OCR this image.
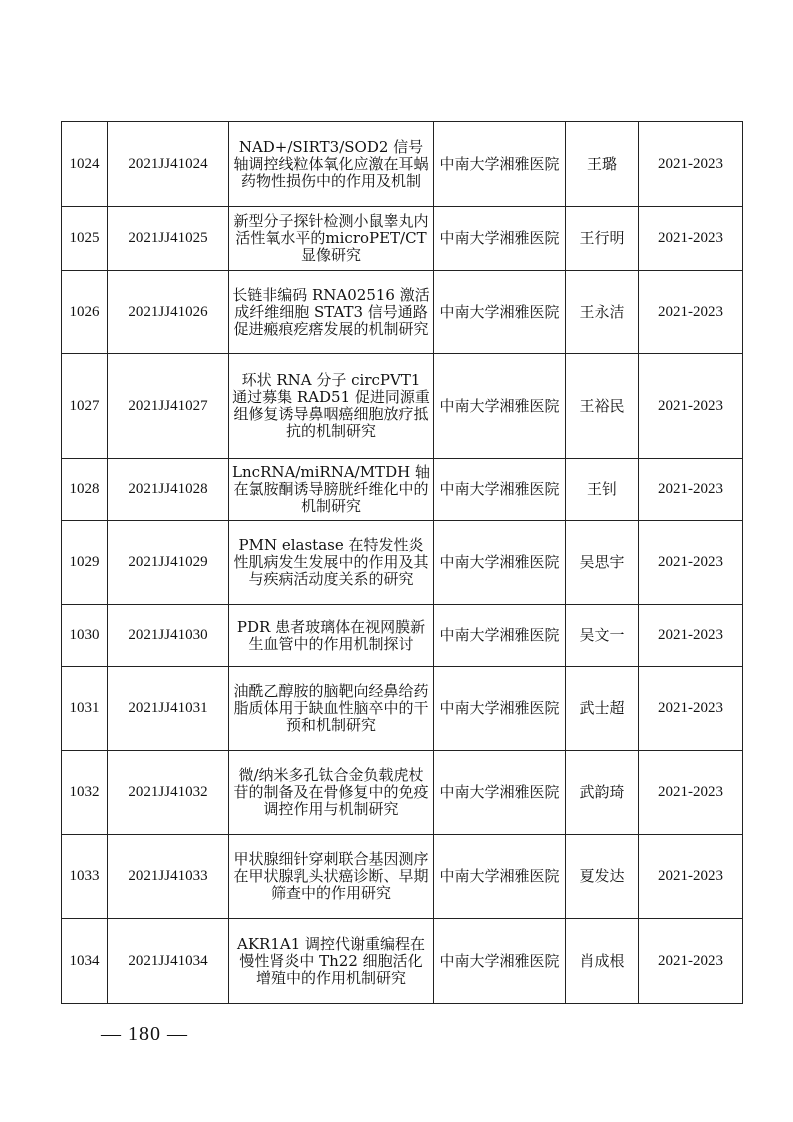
1024	2021JJ41024	NAD+/SIRT3/SOD2 信号轴调控线粒体氧化应激在耳蜗药物性损伤中的作用及机制	中南大学湘雅医院	王璐	2021-2023
1025	2021JJ41025	新型分子探针检测小鼠睾丸内活性氧水平的microPET/CT 显像研究	中南大学湘雅医院	王行明	2021-2023
1026	2021JJ41026	长链非编码 RNA02516 激活成纤维细胞 STAT3 信号通路促进瘢痕疙瘩发展的机制研究	中南大学湘雅医院	王永洁	2021-2023
1027	2021JJ41027	环状 RNA 分子 circPVT1 通过募集 RAD51 促进同源重组修复诱导鼻咽癌细胞放疗抵抗的机制研究	中南大学湘雅医院	王裕民	2021-2023
1028	2021JJ41028	LncRNA/miRNA/MTDH 轴在氯胺酮诱导膀胱纤维化中的机制研究	中南大学湘雅医院	王钊	2021-2023
1029	2021JJ41029	PMN elastase 在特发性炎性肌病发生发展中的作用及其与疾病活动度关系的研究	中南大学湘雅医院	吴思宇	2021-2023
1030	2021JJ41030	PDR 患者玻璃体在视网膜新生血管中的作用机制探讨	中南大学湘雅医院	吴文一	2021-2023
1031	2021JJ41031	油酰乙醇胺的脑靶向经鼻给药脂质体用于缺血性脑卒中的干预和机制研究	中南大学湘雅医院	武士超	2021-2023
1032	2021JJ41032	微/纳米多孔钛合金负载虎杖苷的制备及在骨修复中的免疫调控作用与机制研究	中南大学湘雅医院	武韵琦	2021-2023
1033	2021JJ41033	甲状腺细针穿刺联合基因测序在甲状腺乳头状癌诊断、早期筛查中的作用研究	中南大学湘雅医院	夏发达	2021-2023
1034	2021JJ41034	AKR1A1 调控代谢重编程在慢性肾炎中 Th22 细胞活化增殖中的作用机制研究	中南大学湘雅医院	肖成根	2021-2023
— 180 —
